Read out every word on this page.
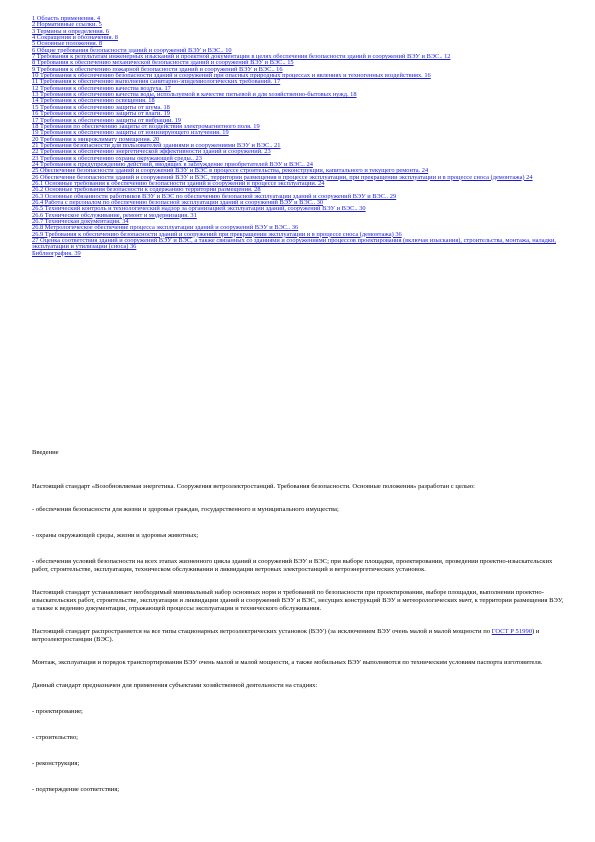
1 Область применения. 4
2 Нормативные ссылки. 5
3 Термины и определения. 6
4 Сокращения и обозначения. 8
5 Основные положения. 8
6 Общие требования безопасности зданий и сооружений ВЭУ и ВЭС.. 10
7 Требования к результатам инженерных изысканий и проектной документации в целях обеспечения безопасности зданий и сооружений ВЭУ и ВЭС.. 12
8 Требования к обеспечению механической безопасности зданий и сооружений ВЭУ и ВЭС.. 15
9 Требования к обеспечению пожарной безопасности зданий и сооружений ВЭУ и ВЭС.. 16
10 Требования к обеспечению безопасности зданий и сооружений при опасных природных процессах и явлениях и техногенных воздействиях. 16
11 Требования к обеспечению выполнения санитарно-эпидемиологических требований. 17
12 Требования к обеспечению качества воздуха. 17
13 Требования к обеспечению качества воды, используемой в качестве питьевой и для хозяйственно-бытовых нужд. 18
14 Требования к обеспечению освещения. 18
15 Требования к обеспечению защиты от шума. 18
16 Требования к обеспечению защиты от влаги. 19
17 Требования к обеспечению защиты от вибрации. 19
18 Требования по обеспечению защиты от воздействия электромагнитного поля. 19
19 Требования к обеспечению защиты от ионизирующего излучения. 19
20 Требования к микроклимату помещения. 20
21 Требования безопасности для пользователей зданиями и сооружениями ВЭУ и ВЭС.. 21
22 Требования к обеспечению энергетической эффективности зданий и сооружений. 23
23 Требования к обеспечению охраны окружающей среды.. 23
24 Требования к предупреждению действий, вводящих в заблуждение приобретателей ВЭУ и ВЭС.. 24
25 Обеспечение безопасности зданий и сооружений ВЭУ и ВЭС в процессе строительства, реконструкции, капитального и текущего ремонта. 24
26 Обеспечение безопасности зданий и сооружений ВЭУ и ВЭС, территории размещения в процессе эксплуатации, при прекращении эксплуатации и в процессе сноса (демонтажа) 24
26.1 Основные требования к обеспечению безопасности зданий и сооружений в процессе эксплуатации. 24
26.2 Основные требования безопасности к содержанию территории размещения. 28
26.3 Основные обязанности работников ВЭУ и ВЭС по обеспечению безопасной эксплуатации зданий и сооружений ВЭУ и ВЭС.. 29
26.4 Работа с персоналом по обеспечению безопасной эксплуатации зданий и сооружений ВЭУ и ВЭС.. 30
26.5 Технический контроль и технологический надзор за организацией эксплуатации зданий, сооружений ВЭУ и ВЭС.. 30
26.6 Техническое обслуживание, ремонт и модернизация. 31
26.7 Техническая документация. 34
26.8 Метрологическое обеспечение процесса эксплуатации зданий и сооружений ВЭУ и ВЭС.. 36
26.9 Требования к обеспечению безопасности зданий и сооружений при прекращении эксплуатации и в процессе сноса (демонтажа) 36
27 Оценка соответствия зданий и сооружений ВЭУ и ВЭС, а также связанных со зданиями и сооружениями процессов проектирования (включая изыскания), строительства, монтажа, наладки, эксплуатации и утилизации (сноса) 36
Библиография. 39

Введение

Настоящий стандарт «Возобновляемая энергетика. Сооружения ветроэлектростанций. Требования безопасности. Основные положения» разработан с целью:

- обеспечения безопасности для жизни и здоровья граждан, государственного и муниципального имущества;

- охраны окружающей среды, жизни и здоровья животных;

- обеспечения условий безопасности на всех этапах жизненного цикла зданий и сооружений ВЭУ и ВЭС; при выборе площадки, проектировании, проведении проектно-изыскательских работ, строительстве, эксплуатации, техническом обслуживании и ликвидации ветровых электростанций и ветроэнергетических установок.

Настоящий стандарт устанавливает необходимый минимальный набор основных норм и требований по безопасности при проектировании, выборе площадки, выполнении проектно-изыскательских работ, строительстве, эксплуатации и ликвидации зданий и сооружений ВЭУ и ВЭС, несущих конструкций ВЭУ и метеорологических мачт, к территории размещения ВЭУ, а также к ведению документации, отражающей процессы эксплуатации и технического обслуживания.

Настоящий стандарт распространяется на все типы стационарных ветроэлектрических установок (ВЭУ) (за исключением ВЭУ очень малой и малой мощности по ГОСТ Р 51990) и ветроэлектростанции (ВЭС).

Монтаж, эксплуатация и порядок транспортирования ВЭУ очень малой и малой мощности, а также мобильных ВЭУ выполняются по техническим условиям паспорта изготовителя.

Данный стандарт предназначен для применения субъектами хозяйственной деятельности на стадиях:

- проектирование;

- строительство;

- реконструкция;

- подтверждение соответствия;
